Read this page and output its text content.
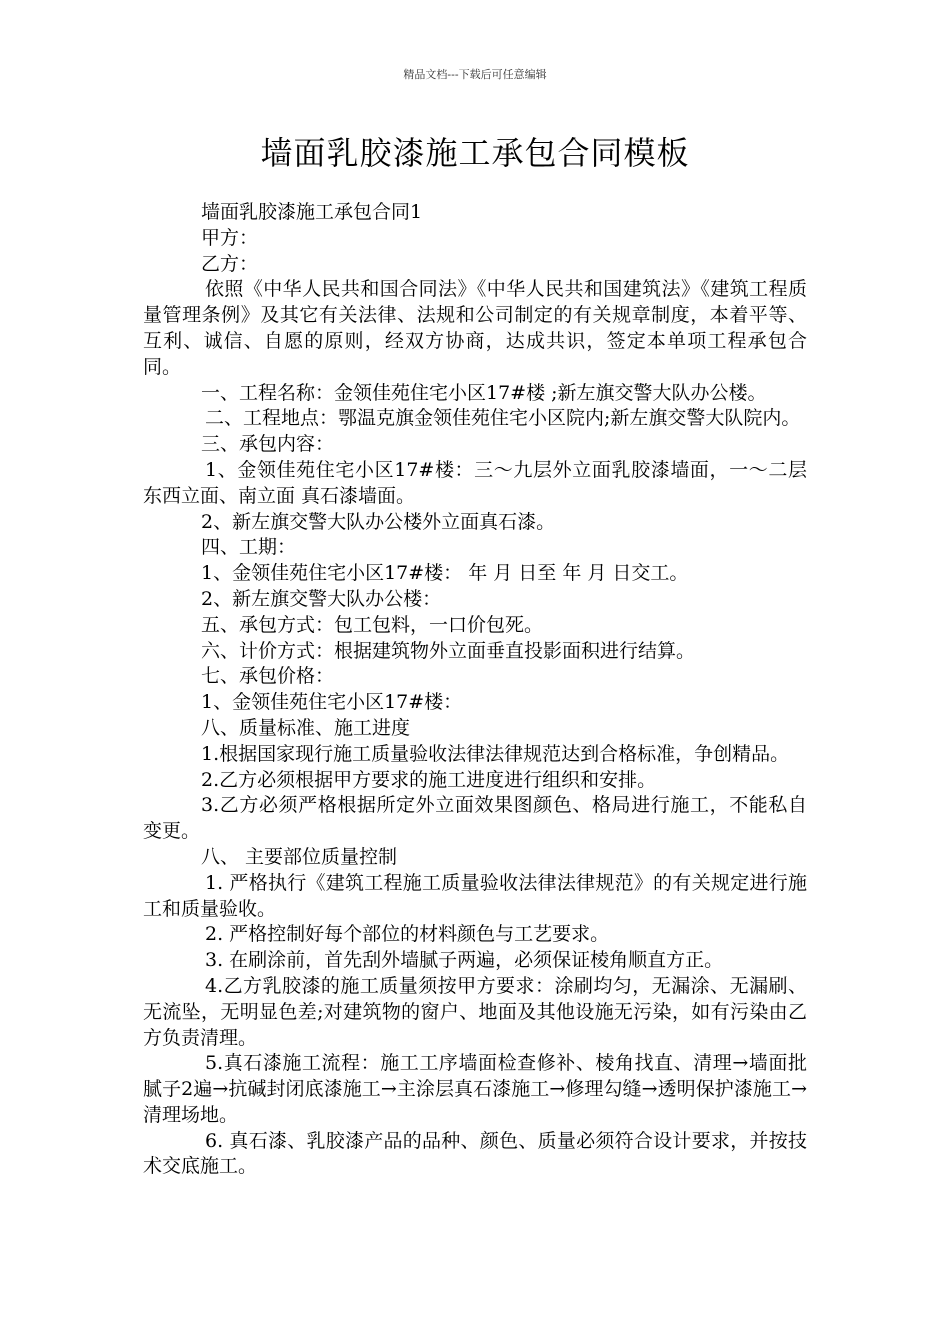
精品文档---下载后可任意编辑
墙面乳胶漆施工承包合同模板

墙面乳胶漆施工承包合同1

甲方：

乙方：

依照《中华人民共和国合同法》《中华人民共和国建筑法》《建筑工程质量管理条例》及其它有关法律、法规和公司制定的有关规章制度，本着平等、互利、诚信、自愿的原则，经双方协商，达成共识，签定本单项工程承包合同。

一、工程名称：金领佳苑住宅小区17#楼 ;新左旗交警大队办公楼。

二、工程地点：鄂温克旗金领佳苑住宅小区院内;新左旗交警大队院内。

三、承包内容：

1、金领佳苑住宅小区17#楼：三～九层外立面乳胶漆墙面，一～二层东西立面、南立面 真石漆墙面。

2、新左旗交警大队办公楼外立面真石漆。

四、工期：

1、金领佳苑住宅小区17#楼： 年 月 日至 年 月 日交工。

2、新左旗交警大队办公楼：

五、承包方式：包工包料，一口价包死。

六、计价方式：根据建筑物外立面垂直投影面积进行结算。

七、承包价格：

1、金领佳苑住宅小区17#楼：

八、质量标准、施工进度

1.根据国家现行施工质量验收法律法律规范达到合格标准，争创精品。

2.乙方必须根据甲方要求的施工进度进行组织和安排。

3.乙方必须严格根据所定外立面效果图颜色、格局进行施工，不能私自变更。

八、 主要部位质量控制

1. 严格执行《建筑工程施工质量验收法律法律规范》的有关规定进行施工和质量验收。

2. 严格控制好每个部位的材料颜色与工艺要求。

3. 在刷涂前，首先刮外墙腻子两遍，必须保证棱角顺直方正。

4.乙方乳胶漆的施工质量须按甲方要求：涂刷均匀，无漏涂、无漏刷、无流坠，无明显色差;对建筑物的窗户、地面及其他设施无污染，如有污染由乙方负责清理。

5.真石漆施工流程：施工工序墙面检查修补、棱角找直、清理→墙面批腻子2遍→抗碱封闭底漆施工→主涂层真石漆施工→修理勾缝→透明保护漆施工→清理场地。

6. 真石漆、乳胶漆产品的品种、颜色、质量必须符合设计要求，并按技术交底施工。
